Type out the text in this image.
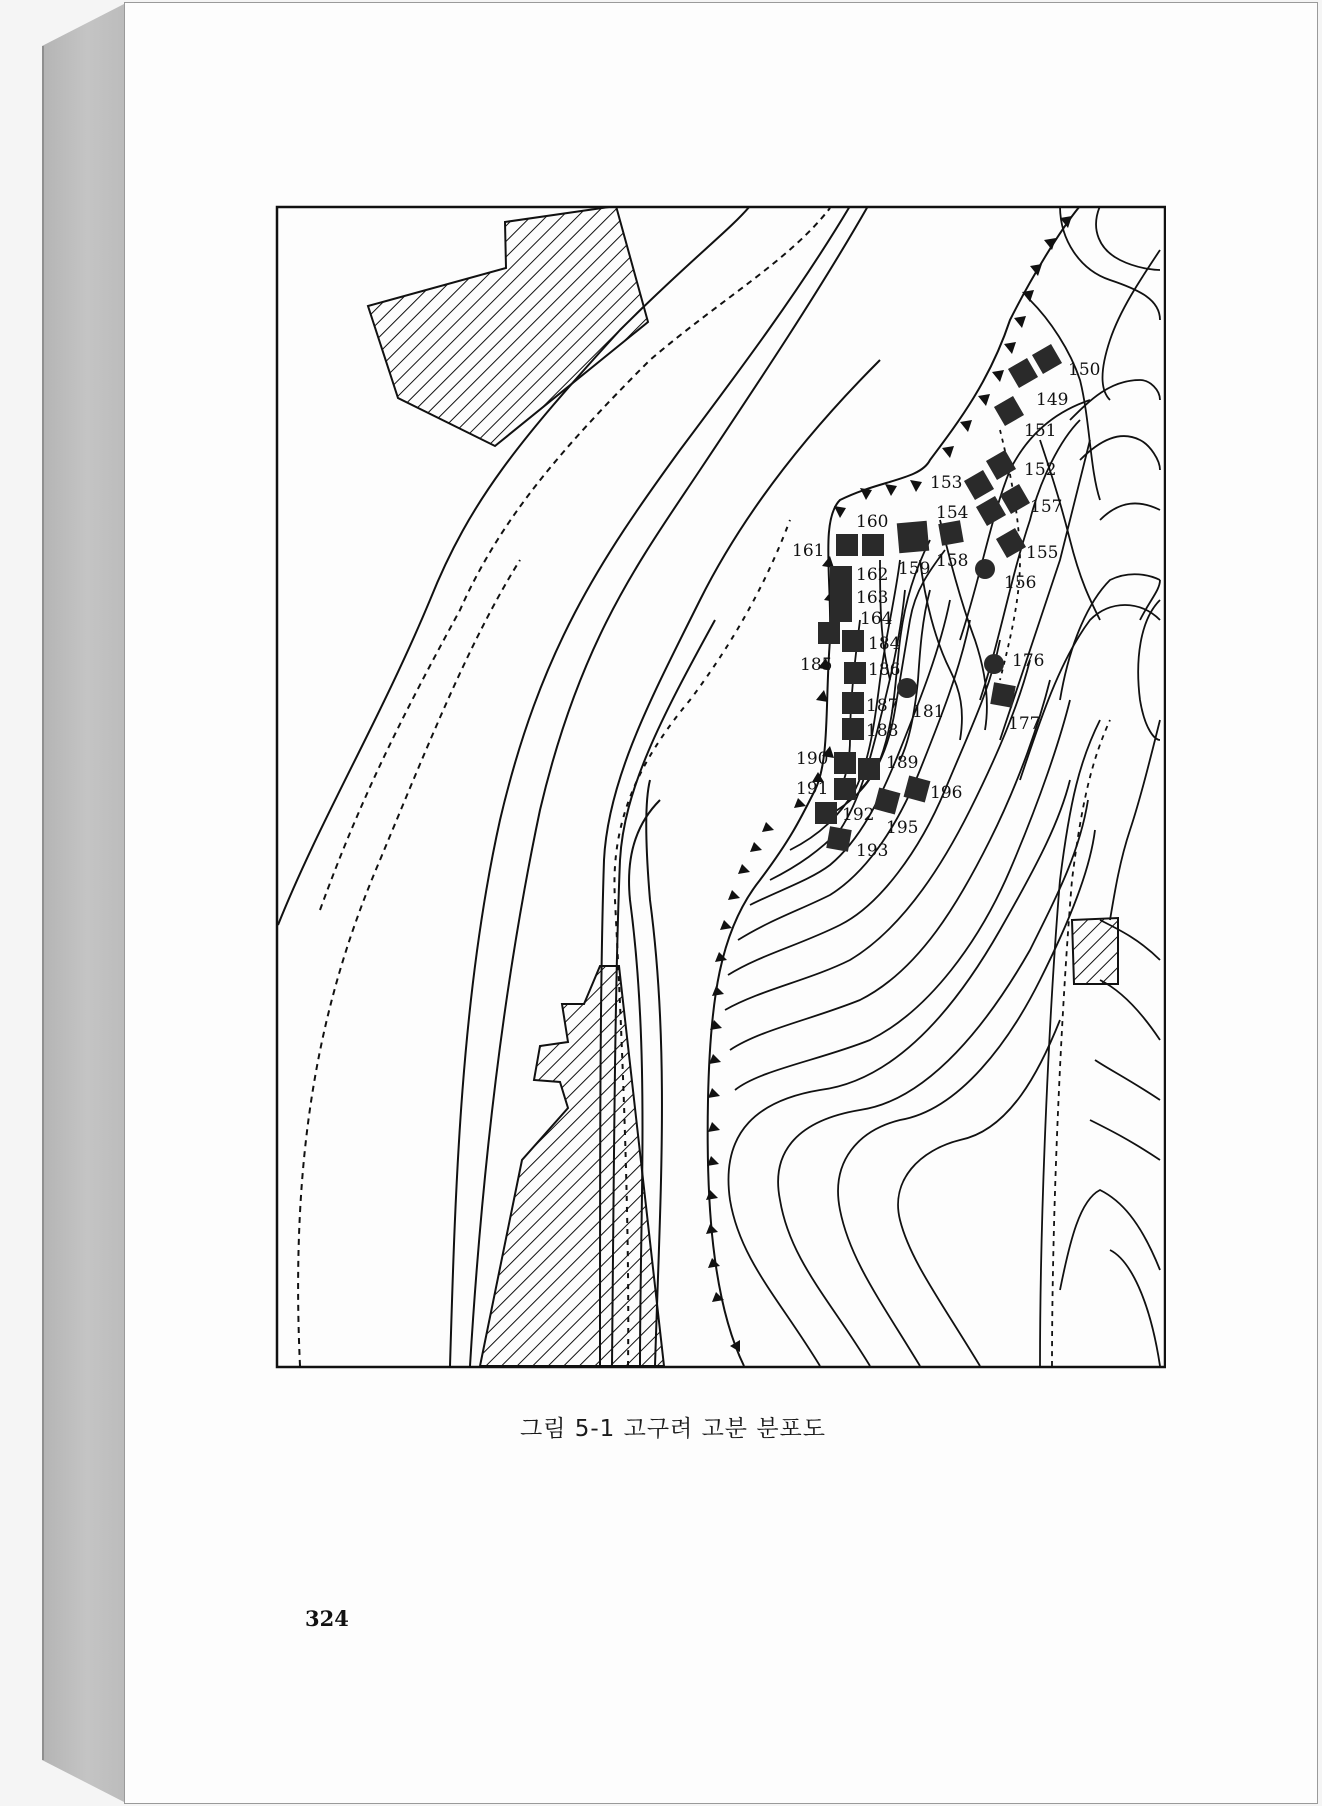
150
149
151
152
153
157
154
160
161
159 158	155
156
162
163
164
184
185 186	176
181
187
177
188
190	189
191	196
192
195
193
그림 5-1 고구려 고분 분포도
324
